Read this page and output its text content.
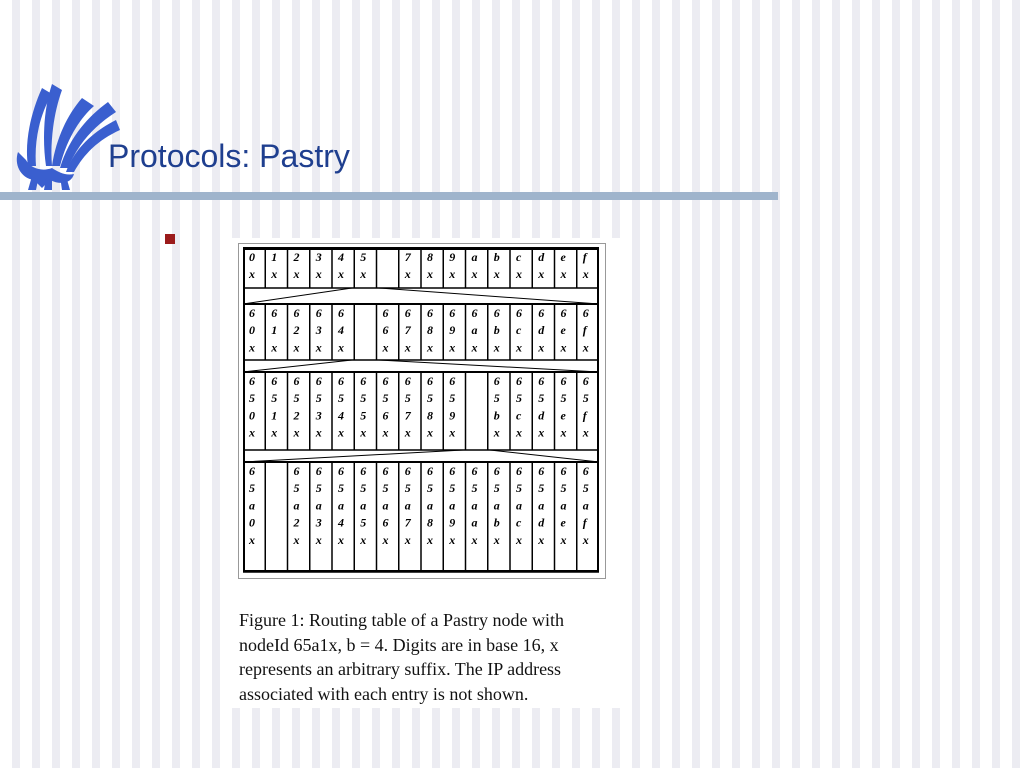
Protocols: Pastry
0
x
1
x
2
x
3
x
4
x
5
x
7
x
8
x
9
x
a
x
b
x
c
x
d
x
e
x
f
x
6
0
x
6
1
x
6
2
x
6
3
x
6
4
x
6
6
x
6
7
x
6
8
x
6
9
x
6
a
x
6
b
x
6
c
x
6
d
x
6
e
x
6
f
x
6
5
0
x
6
5
1
x
6
5
2
x
6
5
3
x
6
5
4
x
6
5
5
x
6
5
6
x
6
5
7
x
6
5
8
x
6
5
9
x
6
5
b
x
6
5
c
x
6
5
d
x
6
5
e
x
6
5
f
x
6
5
a
0
x
6
5
a
2
x
6
5
a
3
x
6
5
a
4
x
6
5
a
5
x
6
5
a
6
x
6
5
a
7
x
6
5
a
8
x
6
5
a
9
x
6
5
a
a
x
6
5
a
b
x
6
5
a
c
x
6
5
a
d
x
6
5
a
e
x
6
5
a
f
x
Figure 1: Routing table of a Pastry node with
nodeId 65a1x, b = 4. Digits are in base 16, x
represents an arbitrary suffix. The IP address
associated with each entry is not shown.
